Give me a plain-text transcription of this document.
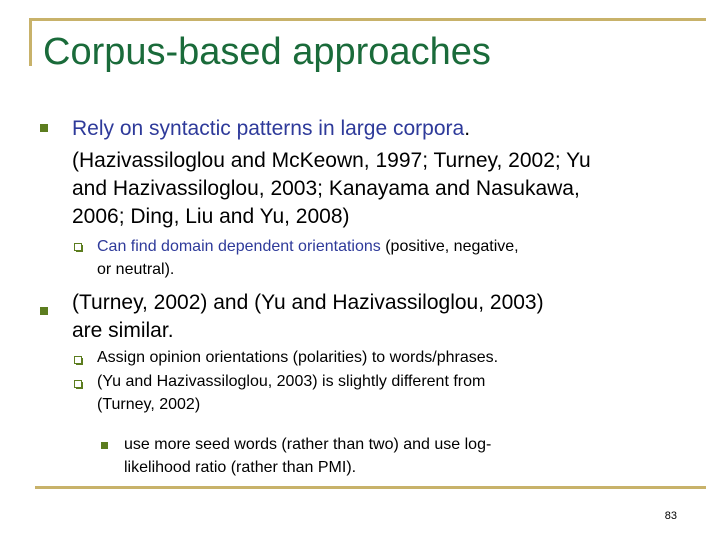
Corpus-based approaches
Rely on syntactic patterns in large corpora.
(Hazivassiloglou and McKeown, 1997; Turney, 2002; Yu
and Hazivassiloglou, 2003; Kanayama and Nasukawa,
2006; Ding, Liu and Yu, 2008)
Can find domain dependent orientations (positive, negative,
or neutral).
(Turney, 2002) and (Yu and Hazivassiloglou, 2003)
are similar.
Assign opinion orientations (polarities) to words/phrases.
(Yu and Hazivassiloglou, 2003) is slightly different from
(Turney, 2002)
use more seed words (rather than two) and use log-
likelihood ratio (rather than PMI).
83
